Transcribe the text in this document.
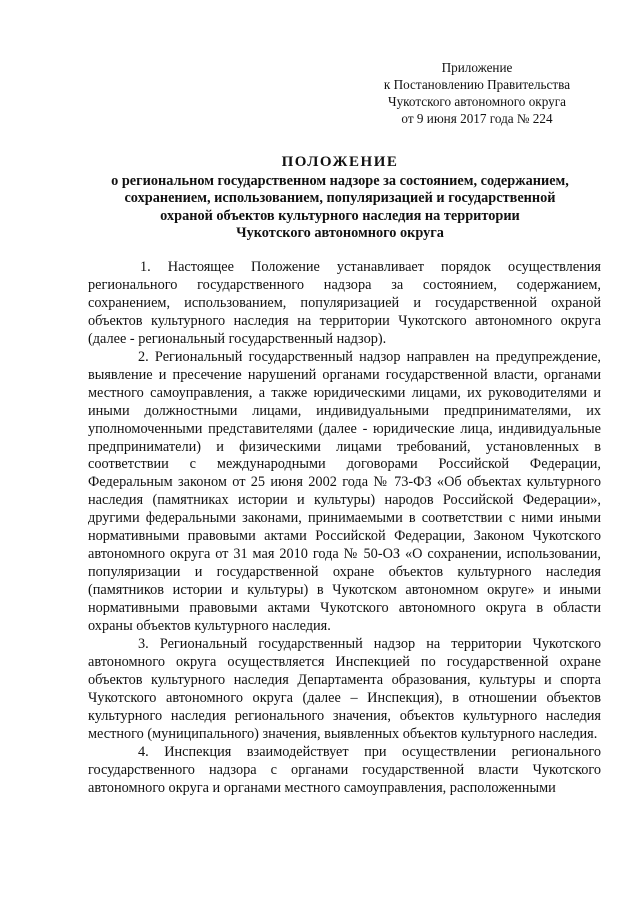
Приложение
к Постановлению Правительства
Чукотского автономного округа
от 9 июня 2017 года № 224
ПОЛОЖЕНИЕ
о региональном государственном надзоре за состоянием, содержанием,
сохранением, использованием, популяризацией и государственной
охраной объектов культурного наследия на территории
Чукотского автономного округа

1. Настоящее Положение устанавливает порядок осуществления регионального государственного надзора за состоянием, содержанием, сохранением, использованием, популяризацией и государственной охраной объектов культурного наследия на территории Чукотского автономного округа (далее - региональный государственный надзор).

2. Региональный государственный надзор направлен на предупреждение, выявление и пресечение нарушений органами государственной власти, органами местного самоуправления, а также юридическими лицами, их руководителями и иными должностными лицами, индивидуальными предпринимателями, их уполномоченными представителями (далее - юридические лица, индивидуальные предприниматели) и физическими лицами требований, установленных в соответствии с международными договорами Российской Федерации, Федеральным законом от 25 июня 2002 года № 73-ФЗ «Об объектах культурного наследия (памятниках истории и культуры) народов Российской Федерации», другими федеральными законами, принимаемыми в соответствии с ними иными нормативными правовыми актами Российской Федерации, Законом Чукотского автономного округа от 31 мая 2010 года № 50-ОЗ «О сохранении, использовании, популяризации и государственной охране объектов культурного наследия (памятников истории и культуры) в Чукотском автономном округе» и иными нормативными правовыми актами Чукотского автономного округа в области охраны объектов культурного наследия.

3. Региональный государственный надзор на территории Чукотского автономного округа осуществляется Инспекцией по государственной охране объектов культурного наследия Департамента образования, культуры и спорта Чукотского автономного округа (далее – Инспекция), в отношении объектов культурного наследия регионального значения, объектов культурного наследия местного (муниципального) значения, выявленных объектов культурного наследия.

4. Инспекция взаимодействует при осуществлении регионального государственного надзора с органами государственной власти Чукотского автономного округа и органами местного самоуправления, расположенными
